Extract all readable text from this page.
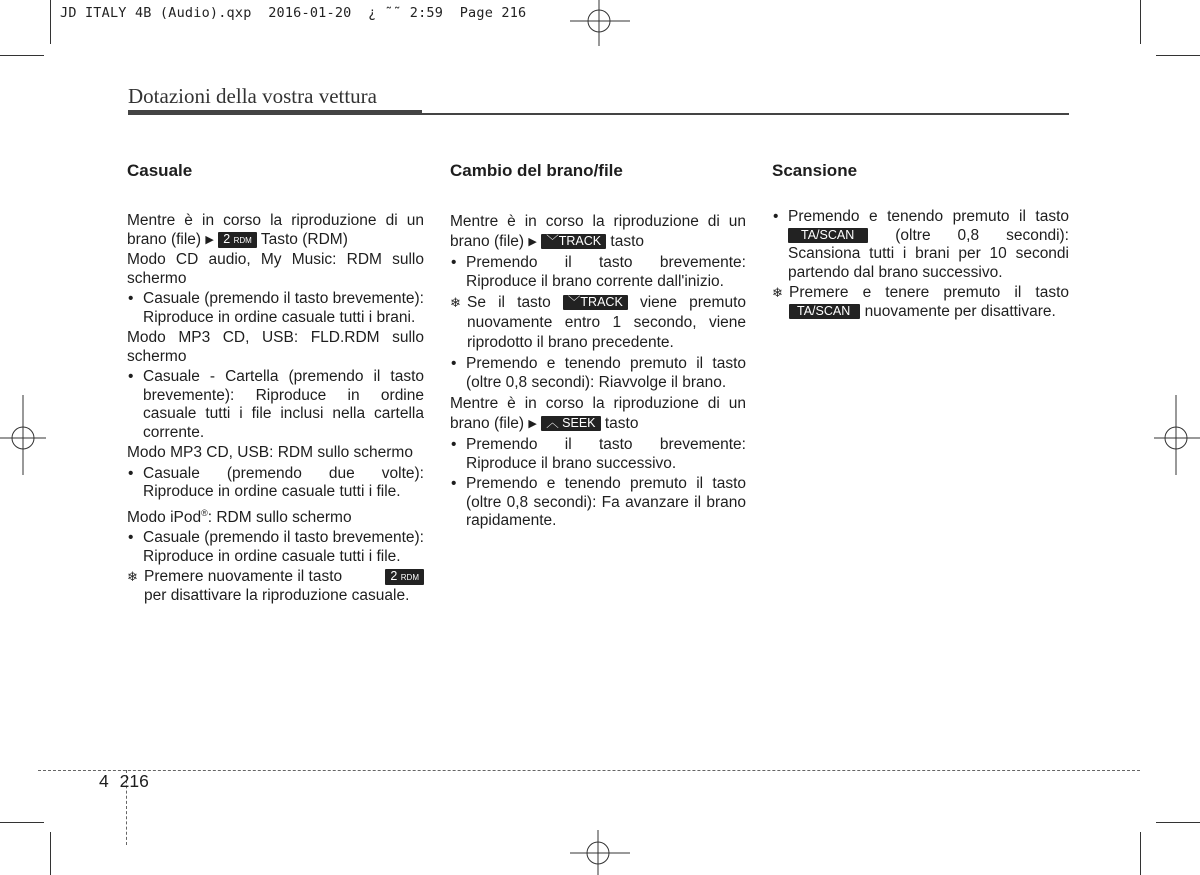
JD ITALY 4B (Audio).qxp  2016-01-20  ¿ ˜˜ 2:59  Page 216
Dotazioni della vostra vettura
Casuale

Mentre è in corso la riproduzione di un brano (file) ▶ 2 RDM Tasto (RDM)

Modo CD audio, My Music: RDM sullo schermo

• Casuale (premendo il tasto brevemente): Riproduce in ordine casuale tutti i brani.

Modo MP3 CD, USB: FLD.RDM sullo schermo

• Casuale - Cartella (premendo il tasto brevemente): Riproduce in ordine casuale tutti i file inclusi nella cartella corrente.

Modo MP3 CD, USB: RDM sullo schermo

• Casuale (premendo due volte): Riproduce in ordine casuale tutti i file.

Modo iPod®: RDM sullo schermo

• Casuale (premendo il tasto brevemente): Riproduce in ordine casuale tutti i file.
❄ Premere nuovamente il tasto	2 RDM

per disattivare la riproduzione casuale.
Cambio del brano/file

Mentre è in corso la riproduzione di un brano (file) ▶ ﹀TRACK tasto

• Premendo il tasto brevemente: Riproduce il brano corrente dall'inizio.
❄ Se il tasto ﹀TRACK viene premuto nuovamente entro 1 secondo, viene riprodotto il brano precedente.
• Premendo e tenendo premuto il tasto (oltre 0,8 secondi): Riavvolge il brano.

Mentre è in corso la riproduzione di un brano (file) ▶ ︿ SEEK tasto

• Premendo il tasto brevemente: Riproduce il brano successivo.
• Premendo e tenendo premuto il tasto (oltre 0,8 secondi): Fa avanzare il brano rapidamente.
Scansione
• Premendo e tenendo premuto il tasto TA/SCAN	(oltre 0,8 secondi): Scansiona tutti i brani per 10 secondi partendo dal brano successivo.
❄ Premere e tenere premuto il tasto TA/SCAN nuovamente per disattivare.
4 216
